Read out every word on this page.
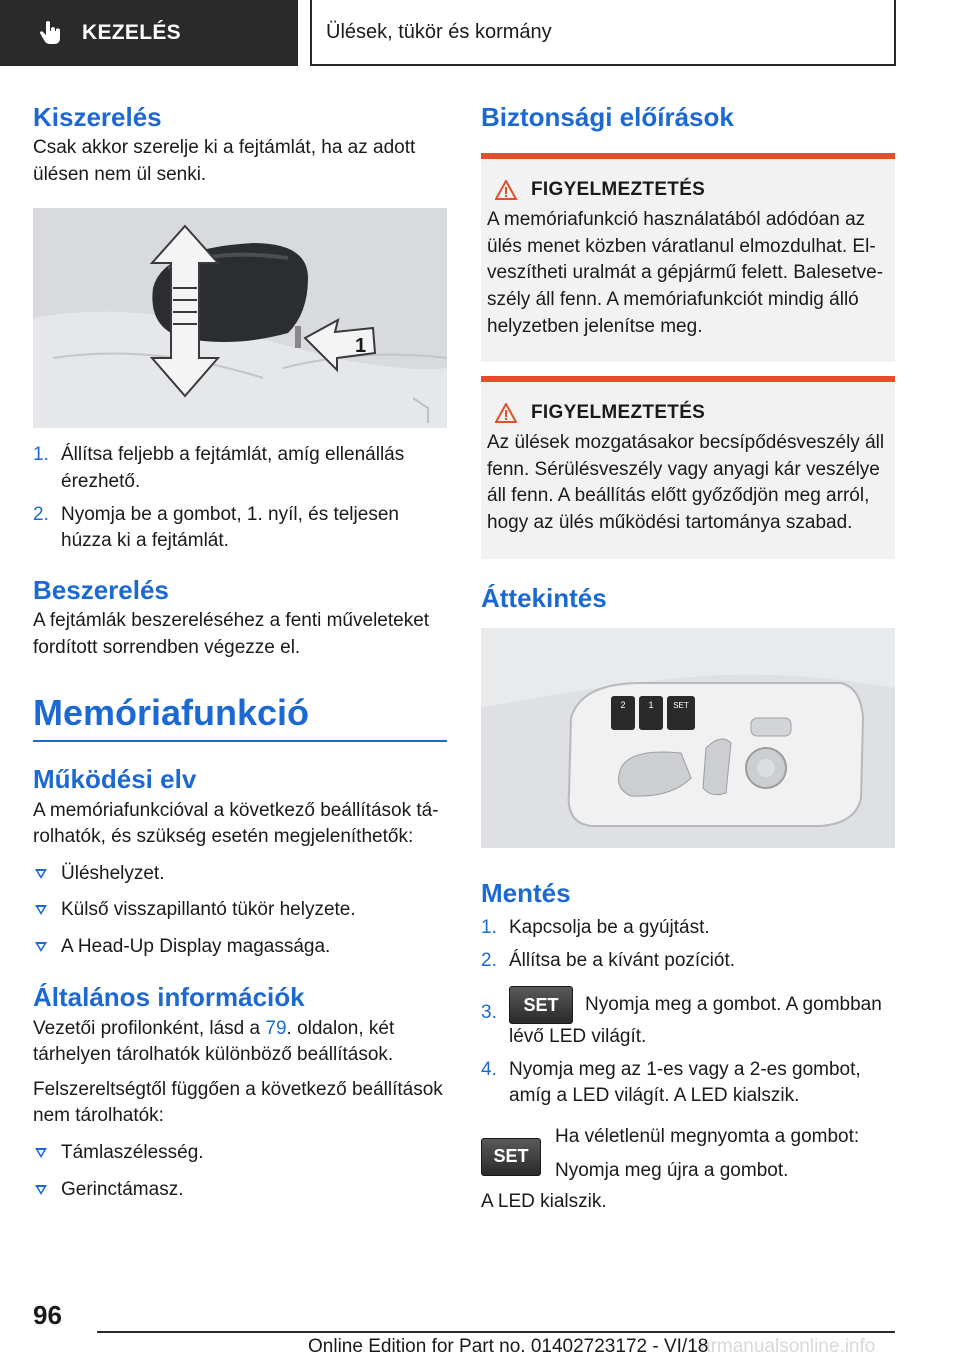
KEZELÉS	Ülések, tükör és kormány
Kiszerelés

Csak akkor szerelje ki a fejtámlát, ha az adott ülésen nem ül senki.

1
1. Állítsa feljebb a fejtámlát, amíg ellenállás érezhető.
2. Nyomja be a gombot, 1. nyíl, és teljesen húzza ki a fejtámlát.
Beszerelés

A fejtámlák beszereléséhez a fenti műveleteket fordított sorrendben végezze el.

Memóriafunkció
Működési elv

A memóriafunkcióval a következő beállítások tárolhatók, és szükség esetén megjeleníthetők:

Üléshelyzet.
Külső visszapillantó tükör helyzete.
A Head-Up Display magassága.
Általános információk

Vezetői profilonként, lásd a 79. oldalon, két tárhelyen tárolhatók különböző beállítások.

Felszereltségtől függően a következő beállítások nem tárolhatók:

Támlaszélesség.
Gerinctámasz.
Biztonsági előírások
FIGYELMEZTETÉS

A memóriafunkció használatából adódóan az ülés menet közben váratlanul elmozdulhat. Elveszítheti uralmát a gépjármű felett. Balesetveszély áll fenn. A memóriafunkciót mindig álló helyzetben jelenítse meg.

FIGYELMEZTETÉS

Az ülések mozgatásakor becsípődésveszély áll fenn. Sérülésveszély vagy anyagi kár veszélye áll fenn. A beállítás előtt győződjön meg arról, hogy az ülés működési tartománya szabad.

Áttekintés
2	1 SET
Mentés
1. Kapcsolja be a gyújtást.
2. Állítsa be a kívánt pozíciót.
3. SET Nyomja meg a gombot. A gombban lévő LED világít.
4. Nyomja meg az 1-es vagy a 2-es gombot, amíg a LED világít. A LED kialszik.
SET

Ha véletlenül megnyomta a gombot:

Nyomja meg újra a gombot.

A LED kialszik.

96
armanualsonline.info
Online Edition for Part no. 01402723172 - VI/18
